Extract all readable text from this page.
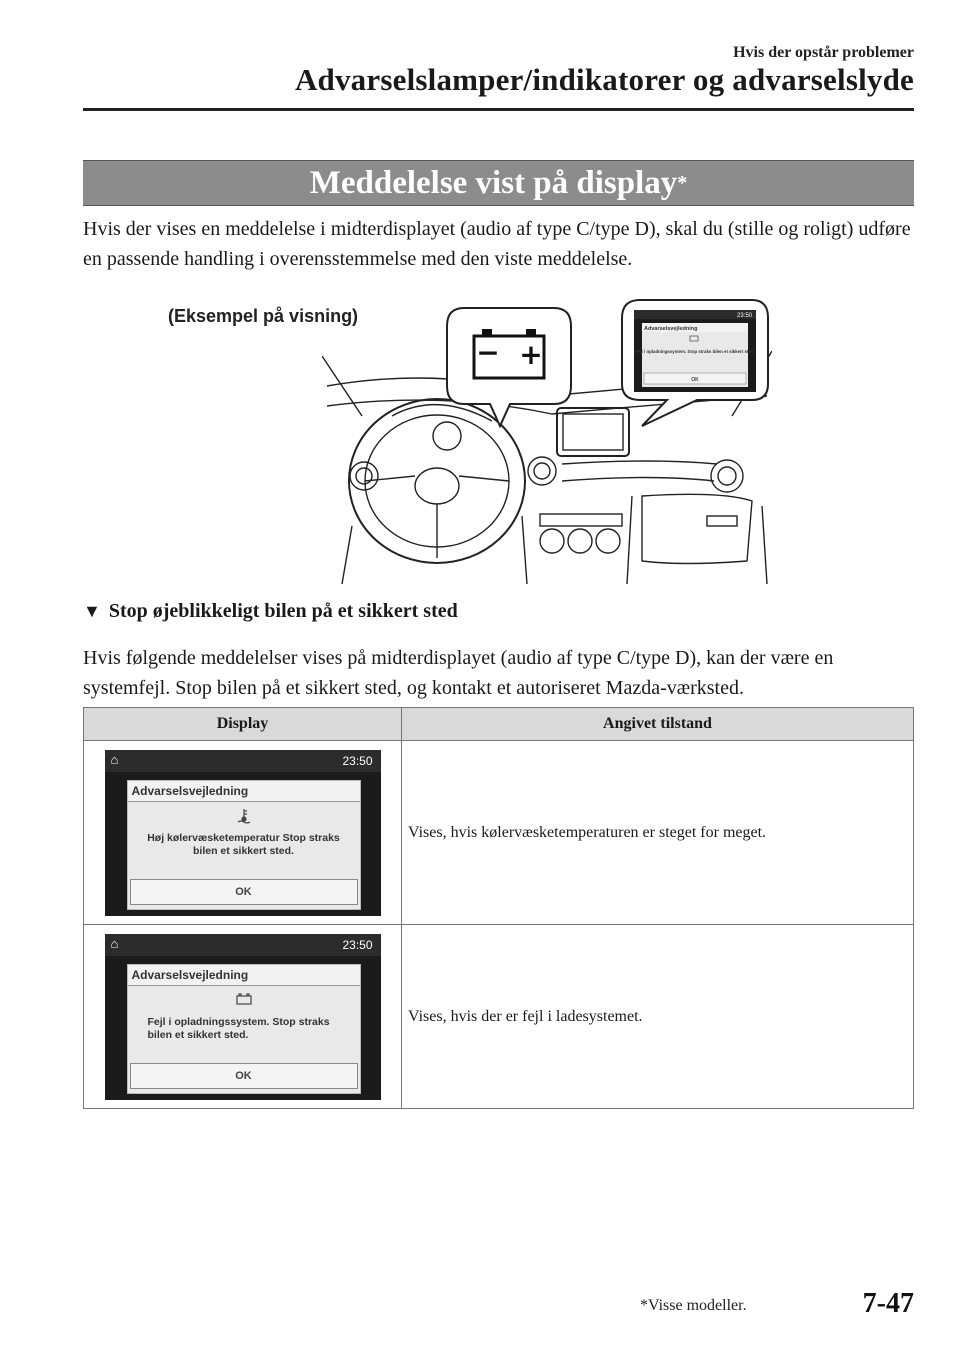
Hvis der opstår problemer
Advarselslamper/indikatorer og advarselslyde
Meddelelse vist på display *

Hvis der vises en meddelelse i midterdisplayet (audio af type C/type D), skal du (stille og roligt) udføre en passende handling i overensstemmelse med den viste meddelelse.

(Eksempel på visning)
− +
23:50
Advarselsvejledning
Fejl i opladningssystem. Stop straks bilen et sikkert sted.
OK
▼ Stop øjeblikkeligt bilen på et sikkert sted

Hvis følgende meddelelser vises på midterdisplayet (audio af type C/type D), kan der være en systemfejl. Stop bilen på et sikkert sted, og kontakt et autoriseret Mazda-værksted.

Display	Angivet tilstand

⌂ 23:50
Advarselsvejledning
Høj kølervæsketemperatur Stop straks bilen et sikkert sted.
OK	Vises, hvis kølervæsketemperaturen er steget for meget.

⌂ 23:50
Advarselsvejledning
Fejl i opladningssystem. Stop straks bilen et sikkert sted.
OK	Vises, hvis der er fejl i ladesystemet.
*Visse modeller.	7-47
